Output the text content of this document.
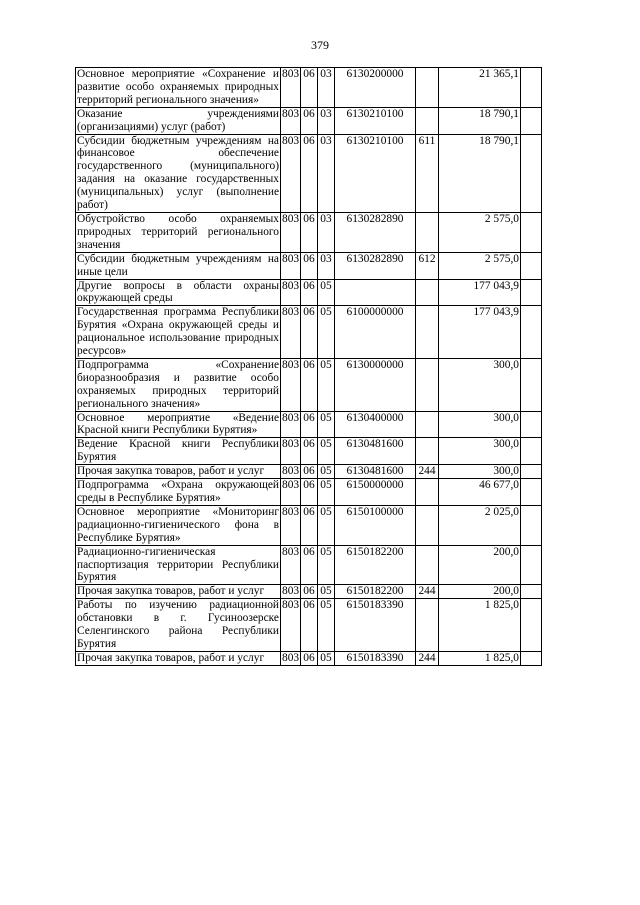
379
Основное мероприятие «Сохранение и развитие особо охраняемых природных территорий регионального значения»	803	06	03	6130200000		21 365,1	
Оказание учреждениями (организациями) услуг (работ)	803	06	03	6130210100		18 790,1	
Субсидии бюджетным учреждениям на финансовое обеспечение государственного (муниципального) задания на оказание государственных (муниципальных) услуг (выполнение работ)	803	06	03	6130210100	611	18 790,1	
Обустройство особо охраняемых природных территорий регионального значения	803	06	03	6130282890		2 575,0	
Субсидии бюджетным учреждениям на иные цели	803	06	03	6130282890	612	2 575,0	
Другие вопросы в области охраны окружающей среды	803	06	05			177 043,9	
Государственная программа Республики Бурятия «Охрана окружающей среды и рациональное использование природных ресурсов»	803	06	05	6100000000		177 043,9	
Подпрограмма «Сохранение биоразнообразия и развитие особо охраняемых природных территорий регионального значения»	803	06	05	6130000000		300,0	
Основное мероприятие «Ведение Красной книги Республики Бурятия»	803	06	05	6130400000		300,0	
Ведение Красной книги Республики Бурятия	803	06	05	6130481600		300,0	
Прочая закупка товаров, работ и услуг	803	06	05	6130481600	244	300,0	
Подпрограмма «Охрана окружающей среды в Республике Бурятия»	803	06	05	6150000000		46 677,0	
Основное мероприятие «Мониторинг радиационно-гигиенического фона в Республике Бурятия»	803	06	05	6150100000		2 025,0	
Радиационно-гигиеническая паспортизация территории Республики Бурятия	803	06	05	6150182200		200,0	
Прочая закупка товаров, работ и услуг	803	06	05	6150182200	244	200,0	
Работы по изучению радиационной обстановки в г. Гусиноозерске Селенгинского района Республики Бурятия	803	06	05	6150183390		1 825,0	
Прочая закупка товаров, работ и услуг	803	06	05	6150183390	244	1 825,0	
